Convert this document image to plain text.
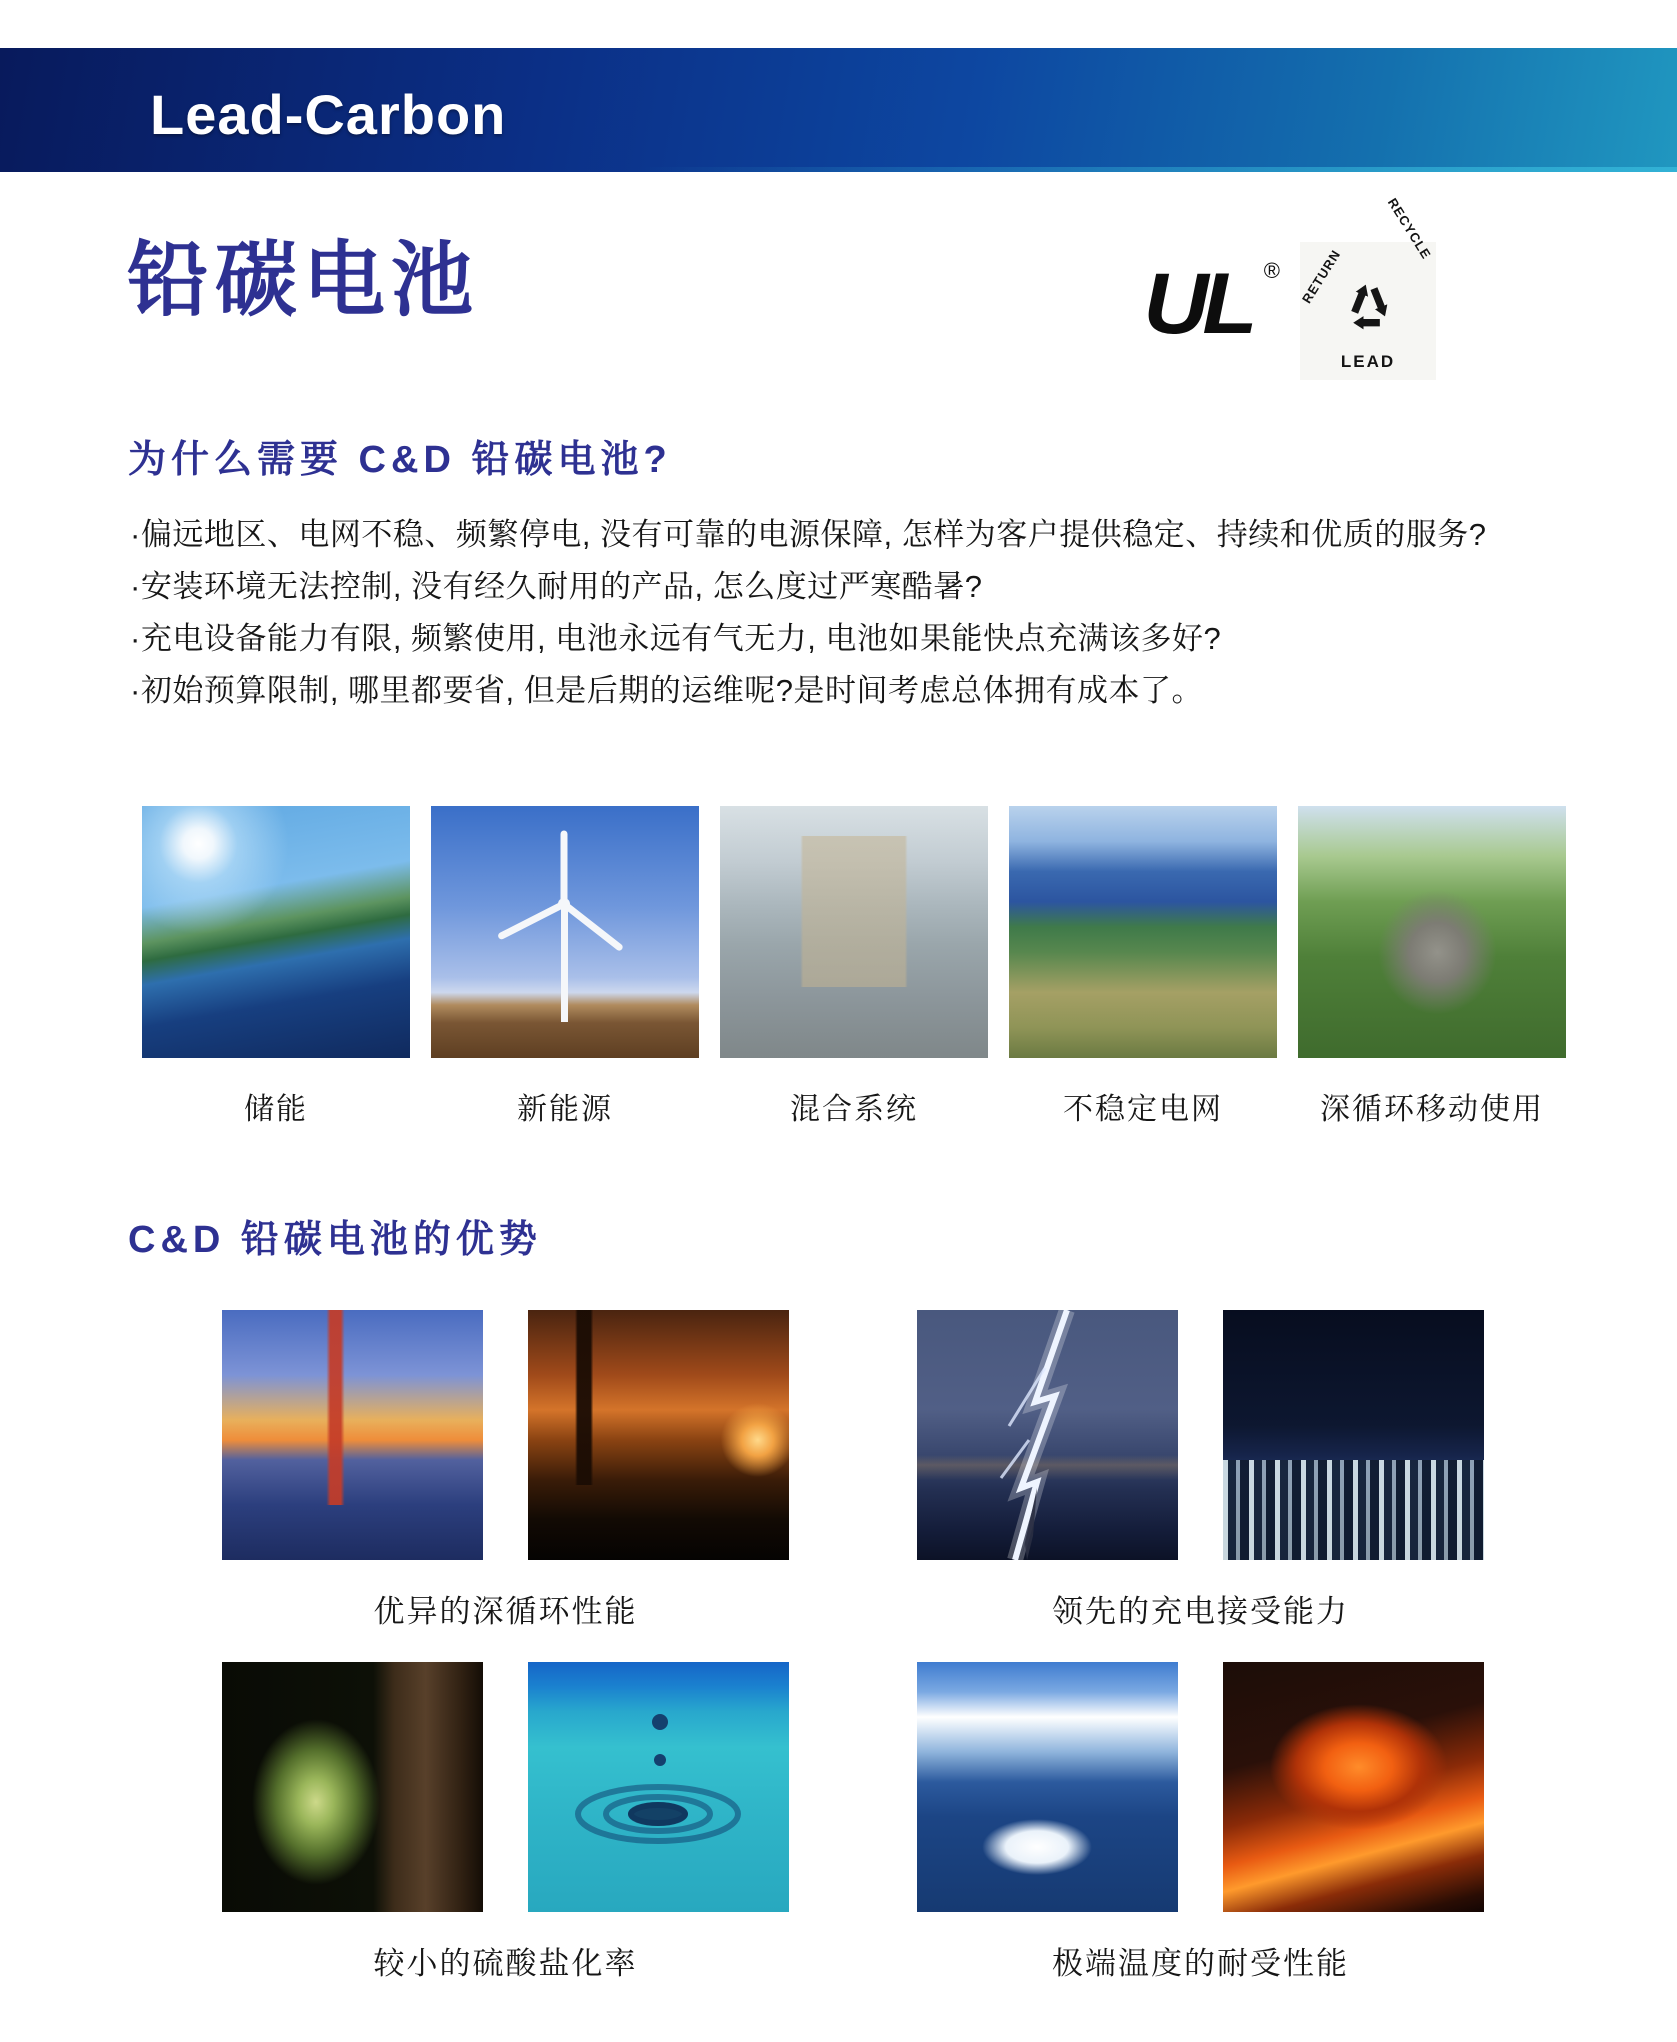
Lead-Carbon
铅碳电池	UL ® RETURN
RECYCLE
LEAD
为什么需要 C&D 铅碳电池?

·偏远地区、电网不稳、频繁停电, 没有可靠的电源保障, 怎样为客户提供稳定、持续和优质的服务?

·安装环境无法控制, 没有经久耐用的产品, 怎么度过严寒酷暑?

·充电设备能力有限, 频繁使用, 电池永远有气无力, 电池如果能快点充满该多好?

·初始预算限制, 哪里都要省, 但是后期的运维呢?是时间考虑总体拥有成本了。

储能	新能源	混合系统	不稳定电网	深循环移动使用
C&D 铅碳电池的优势
优异的深循环性能	领先的充电接受能力
较小的硫酸盐化率	极端温度的耐受性能
